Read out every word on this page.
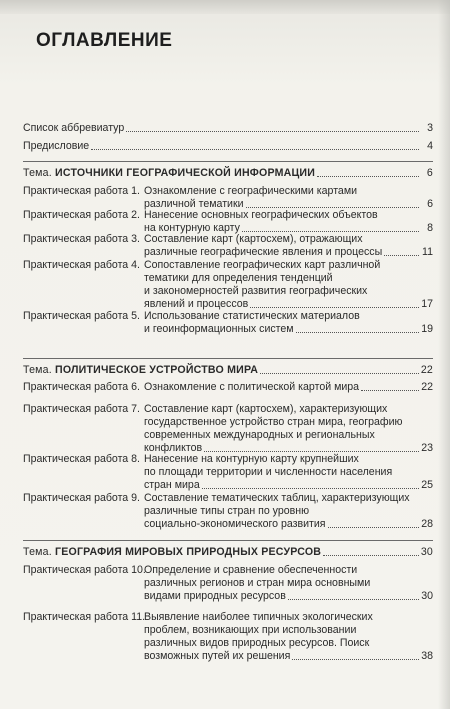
ОГЛАВЛЕНИЕ
Список аббревиатур	3
Предисловие	4
Тема. ИСТОЧНИКИ ГЕОГРАФИЧЕСКОЙ ИНФОРМАЦИИ	6
Практическая работа 1. Ознакомление с географическими картами
различной тематики	6
Практическая работа 2. Нанесение основных географических объектов
на контурную карту	8
Практическая работа 3. Составление карт (картосхем), отражающих
различные географические явления и процессы	11
Практическая работа 4. Сопоставление географических карт различной
тематики для определения тенденций
и закономерностей развития географических
явлений и процессов	17
Практическая работа 5. Использование статистических материалов
и геоинформационных систем	19
Тема. ПОЛИТИЧЕСКОЕ УСТРОЙСТВО МИРА	22
Практическая работа 6. Ознакомление с политической картой мира	22
Практическая работа 7. Составление карт (картосхем), характеризующих
государственное устройство стран мира, географию
современных международных и региональных
конфликтов	23
Практическая работа 8. Нанесение на контурную карту крупнейших
по площади территории и численности населения
стран мира	25
Практическая работа 9. Составление тематических таблиц, характеризующих
различные типы стран по уровню
социально-экономического развития	28
Тема. ГЕОГРАФИЯ МИРОВЫХ ПРИРОДНЫХ РЕСУРСОВ	30
Практическая работа 10.
Определение и сравнение обеспеченности
различных регионов и стран мира основными
видами природных ресурсов	30
Практическая работа 11.
Выявление наиболее типичных экологических
проблем, возникающих при использовании
различных видов природных ресурсов. Поиск
возможных путей их решения	38
